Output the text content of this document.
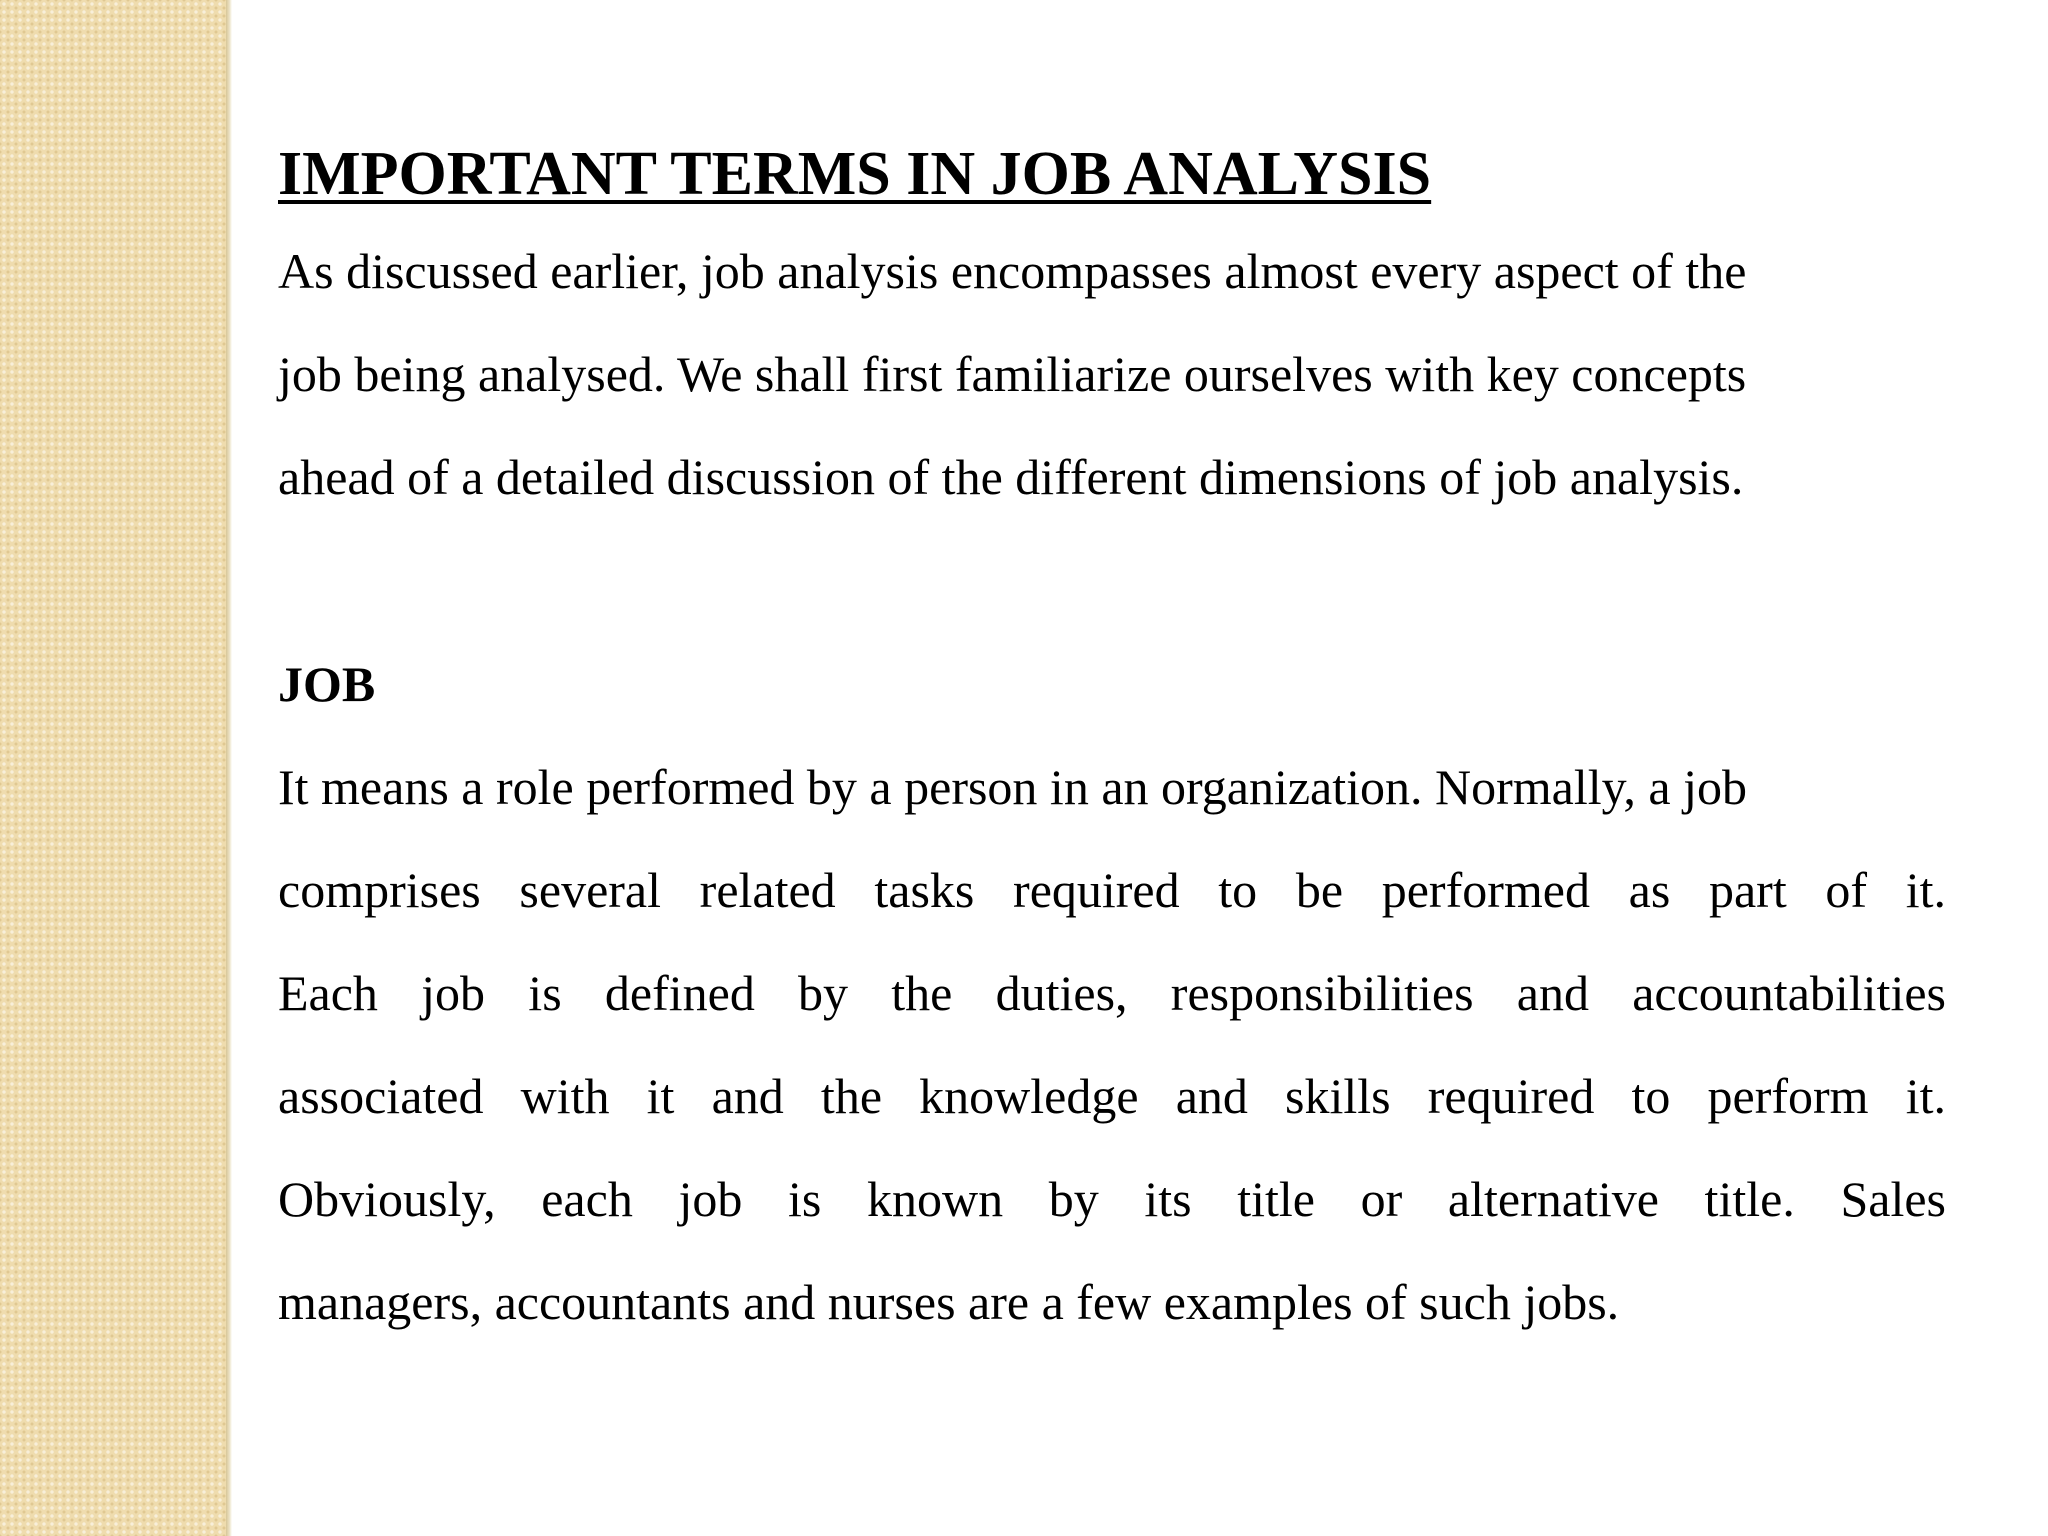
IMPORTANT TERMS IN JOB ANALYSIS

As discussed earlier, job analysis encompasses almost every aspect of the
job being analysed. We shall first familiarize ourselves with key concepts
ahead of a detailed discussion of the different dimensions of job analysis.

JOB

It means a role performed by a person in an organization. Normally, a job
comprises several related tasks required to be performed as part of it.
Each job is defined by the duties, responsibilities and accountabilities
associated with it and the knowledge and skills required to perform it.
Obviously, each job is known by its title or alternative title. Sales
managers, accountants and nurses are a few examples of such jobs.
